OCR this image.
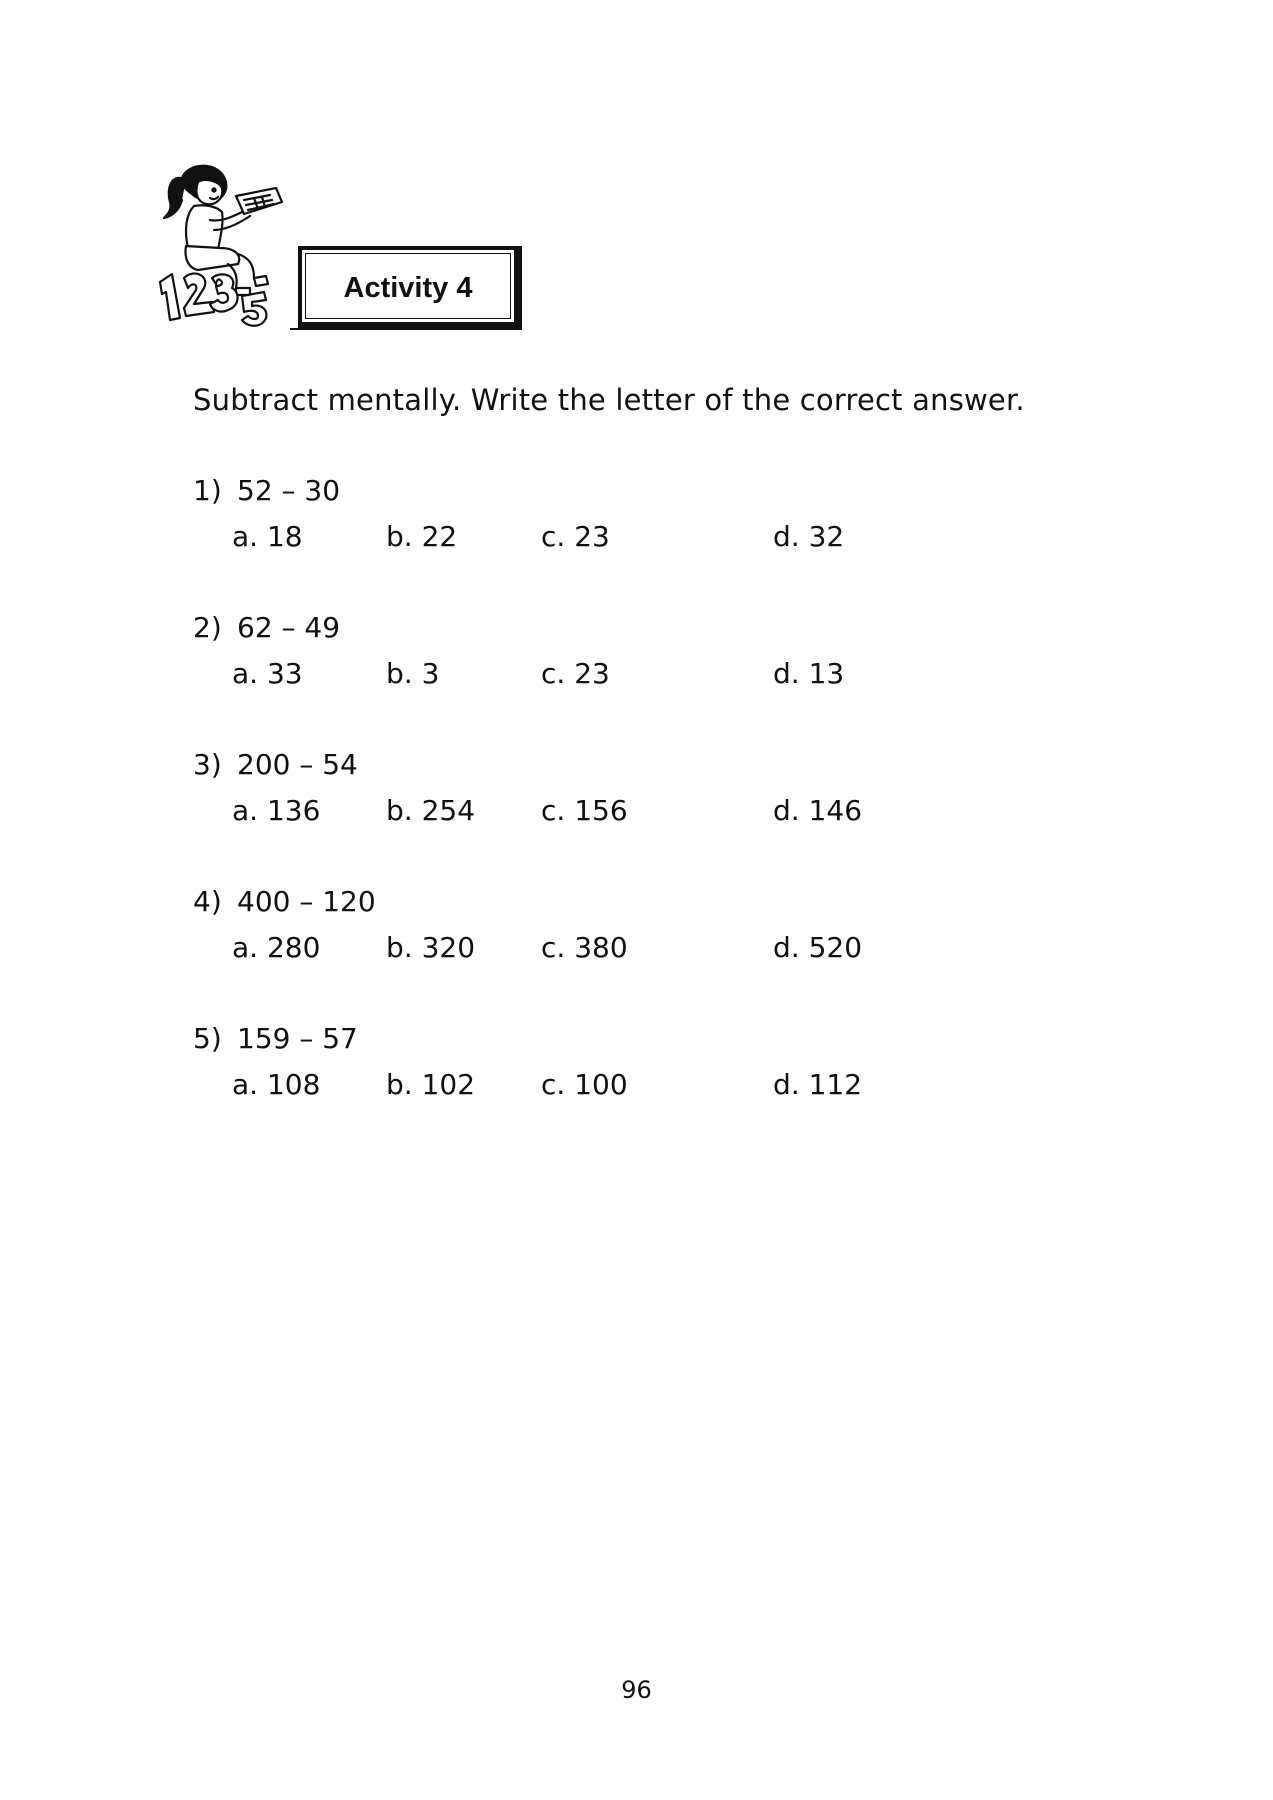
Activity 4
Subtract mentally. Write the letter of the correct answer.
1) 52 – 30
a. 18	b. 22	c. 23	d. 32
2) 62 – 49
a. 33	b. 3	c. 23	d. 13
3) 200 – 54
a. 136 b. 254 c. 156	d. 146
4) 400 – 120
a. 280 b. 320 c. 380	d. 520
5) 159 – 57
a. 108 b. 102 c. 100	d. 112
96
